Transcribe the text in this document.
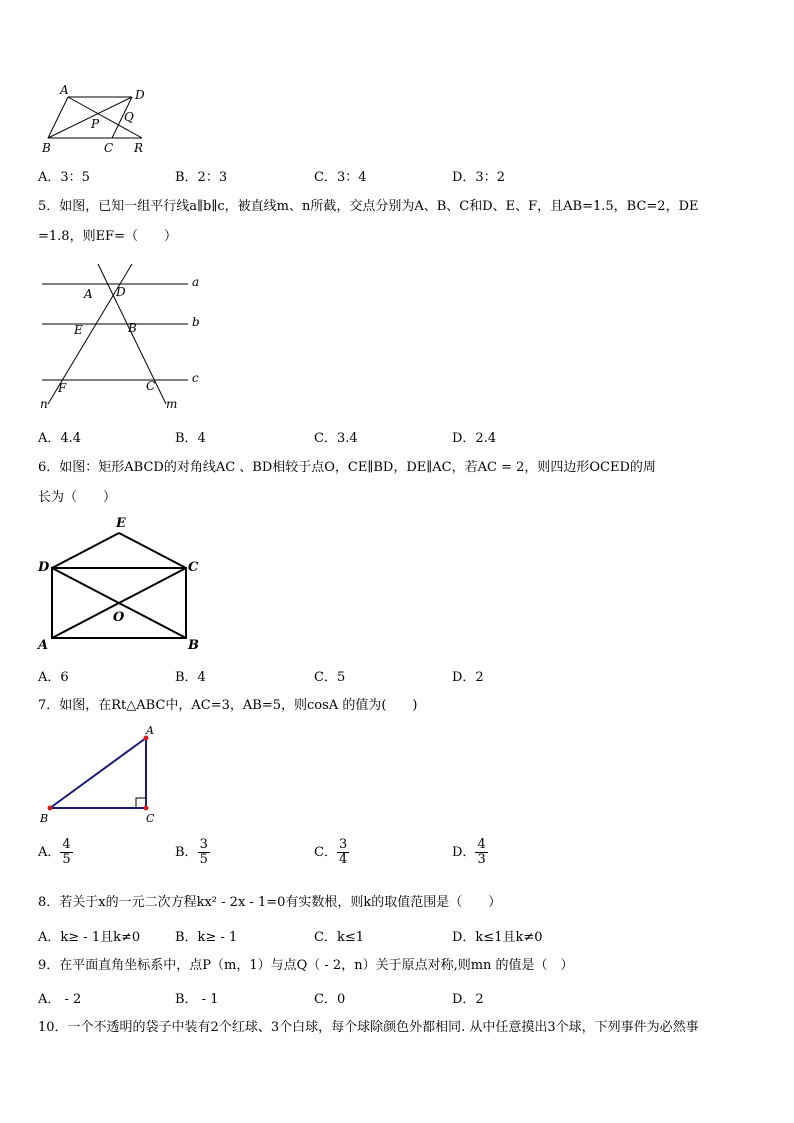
A	D
P Q
B	C R
A．3：5	B．2：3	C．3：4	D．3：2
5．如图，已知一组平行线a∥b∥c，被直线m、n所截，交点分别为A、B、C和D、E、F，且AB=1.5，BC=2，DE
=1.8，则EF=（　　）
a
b
c
A D
E	B
F	C
n	m
A．4.4	B．4	C．3.4	D．2.4
6．如图：矩形ABCD的对角线AC 、BD相较于点O，CE∥BD，DE∥AC，若AC = 2，则四边形OCED的周
长为（　　）
E
D	C
O
A	B
A．6	B．4	C．5	D．2
7．如图，在Rt△ABC中，AC=3，AB=5，则cosA 的值为(　　)
A
B	C
A． $\frac{4}{5}$	B． $\frac{3}{5}$	C． $\frac{3}{4}$	D． $\frac{4}{3}$
8．若关于x的一元二次方程kx² - 2x - 1=0有实数根，则k的取值范围是（　　）
A．k≥ - 1且k≠0	B．k≥ - 1	C．k≤1	D．k≤1且k≠0
9．在平面直角坐标系中，点P（m，1）与点Q（ - 2，n）关于原点对称,则mn 的值是（　）
A． - 2	B． - 1	C．0	D．2
10．一个不透明的袋子中装有2个红球、3个白球，每个球除颜色外都相同. 从中任意摸出3个球，下列事件为必然事
